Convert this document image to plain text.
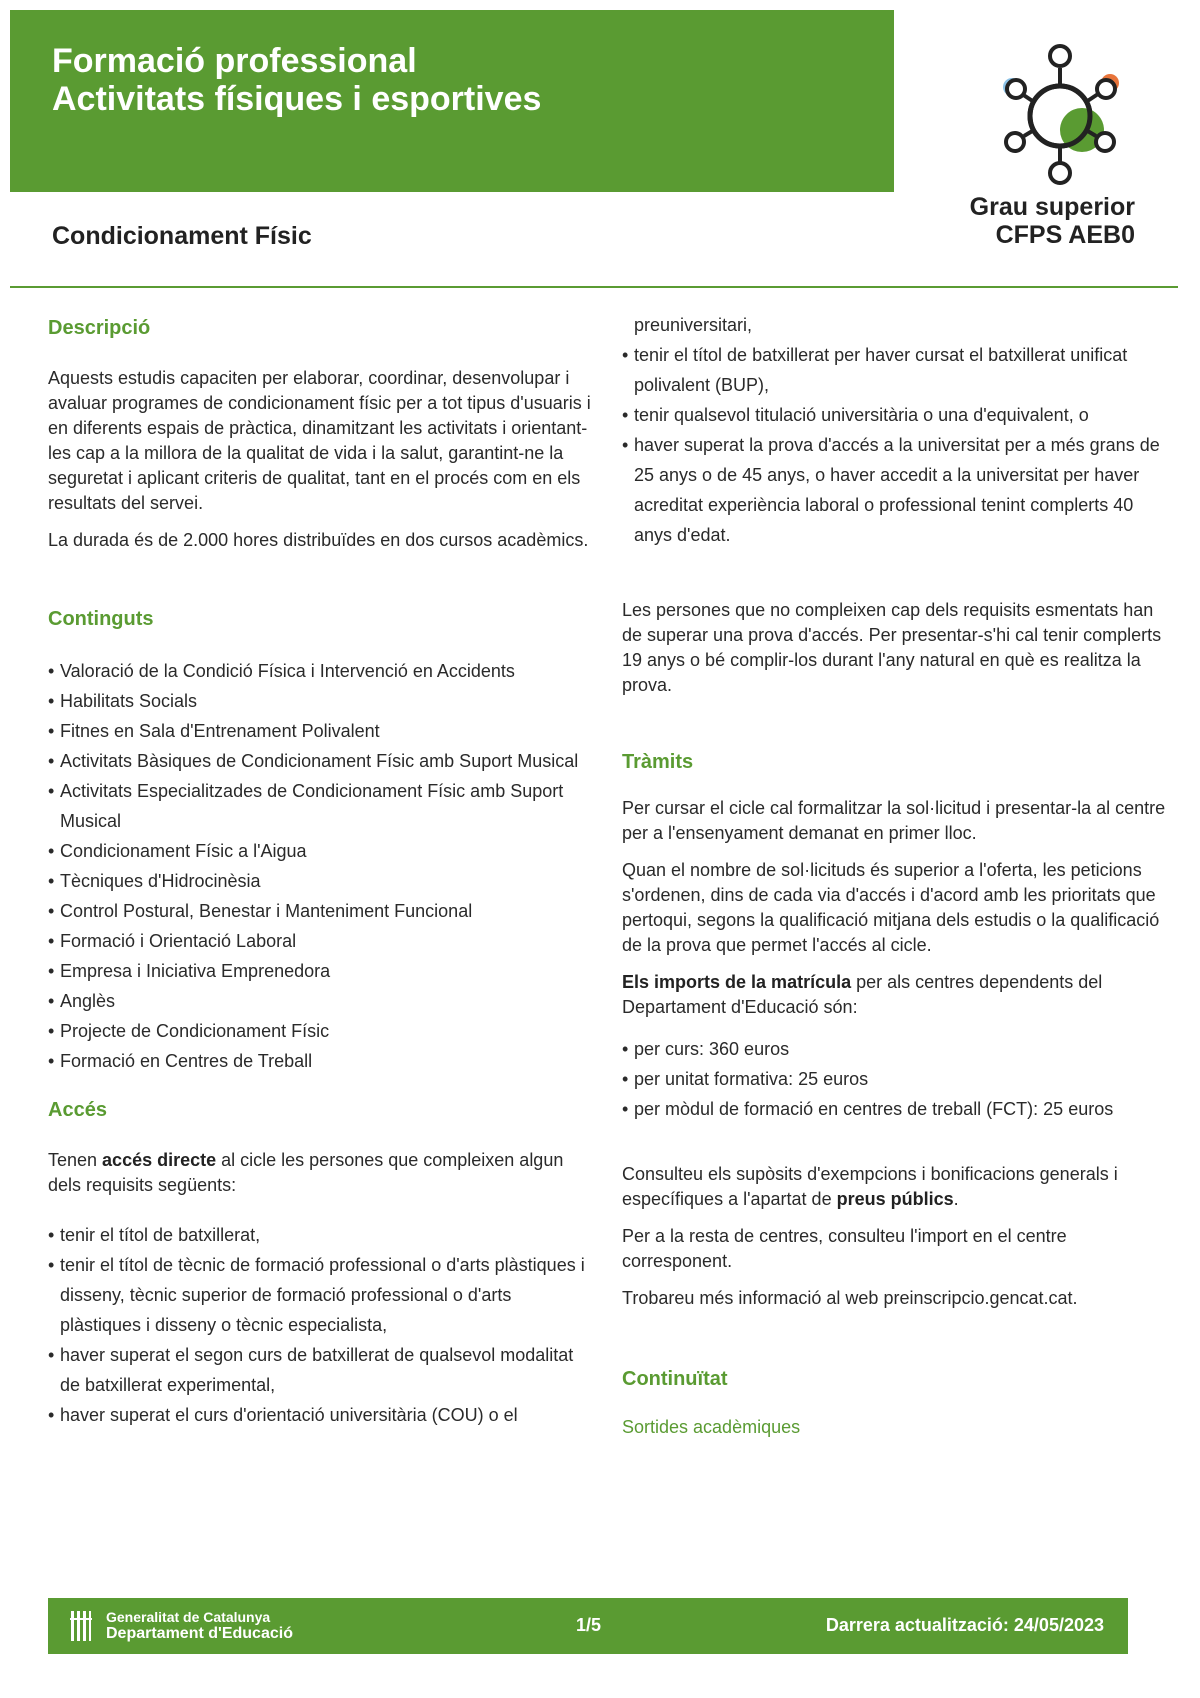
Formació professional
Activitats físiques i esportives
Grau superior
CFPS AEB0
Condicionament Físic
Descripció

Aquests estudis capaciten per elaborar, coordinar, desenvolupar i avaluar programes de condicionament físic per a tot tipus d'usuaris i en diferents espais de pràctica, dinamitzant les activitats i orientant-les cap a la millora de la qualitat de vida i la salut, garantint-ne la seguretat i aplicant criteris de qualitat, tant en el procés com en els resultats del servei.

La durada és de 2.000 hores distribuïdes en dos cursos acadèmics.

Continguts
• Valoració de la Condició Física i Intervenció en Accidents
• Habilitats Socials
• Fitnes en Sala d'Entrenament Polivalent
• Activitats Bàsiques de Condicionament Físic amb Suport Musical
• Activitats Especialitzades de Condicionament Físic amb Suport Musical
• Condicionament Físic a l'Aigua
• Tècniques d'Hidrocinèsia
• Control Postural, Benestar i Manteniment Funcional
• Formació i Orientació Laboral
• Empresa i Iniciativa Emprenedora
• Anglès
• Projecte de Condicionament Físic
• Formació en Centres de Treball
Accés

Tenen accés directe al cicle les persones que compleixen algun dels requisits següents:

• tenir el títol de batxillerat,
• tenir el títol de tècnic de formació professional o d'arts plàstiques i disseny, tècnic superior de formació professional o d'arts plàstiques i disseny o tècnic especialista,
• haver superat el segon curs de batxillerat de qualsevol modalitat de batxillerat experimental,
• haver superat el curs d'orientació universitària (COU) o el
preuniversitari,
• tenir el títol de batxillerat per haver cursat el batxillerat unificat polivalent (BUP),
• tenir qualsevol titulació universitària o una d'equivalent, o
• haver superat la prova d'accés a la universitat per a més grans de 25 anys o de 45 anys, o haver accedit a la universitat per haver acreditat experiència laboral o professional tenint complerts 40 anys d'edat.

Les persones que no compleixen cap dels requisits esmentats han de superar una prova d'accés. Per presentar-s'hi cal tenir complerts 19 anys o bé complir-los durant l'any natural en què es realitza la prova.

Tràmits

Per cursar el cicle cal formalitzar la sol·licitud i presentar-la al centre per a l'ensenyament demanat en primer lloc.

Quan el nombre de sol·licituds és superior a l'oferta, les peticions s'ordenen, dins de cada via d'accés i d'acord amb les prioritats que pertoqui, segons la qualificació mitjana dels estudis o la qualificació de la prova que permet l'accés al cicle.

Els imports de la matrícula per als centres dependents del Departament d'Educació són:

• per curs: 360 euros
• per unitat formativa: 25 euros
• per mòdul de formació en centres de treball (FCT): 25 euros

Consulteu els supòsits d'exempcions i bonificacions generals i específiques a l'apartat de preus públics.

Per a la resta de centres, consulteu l'import en el centre corresponent.

Trobareu més informació al web preinscripcio.gencat.cat.

Continuïtat
Sortides acadèmiques
Generalitat de Catalunya
Departament d'Educació	1/5	Darrera actualització: 24/05/2023
